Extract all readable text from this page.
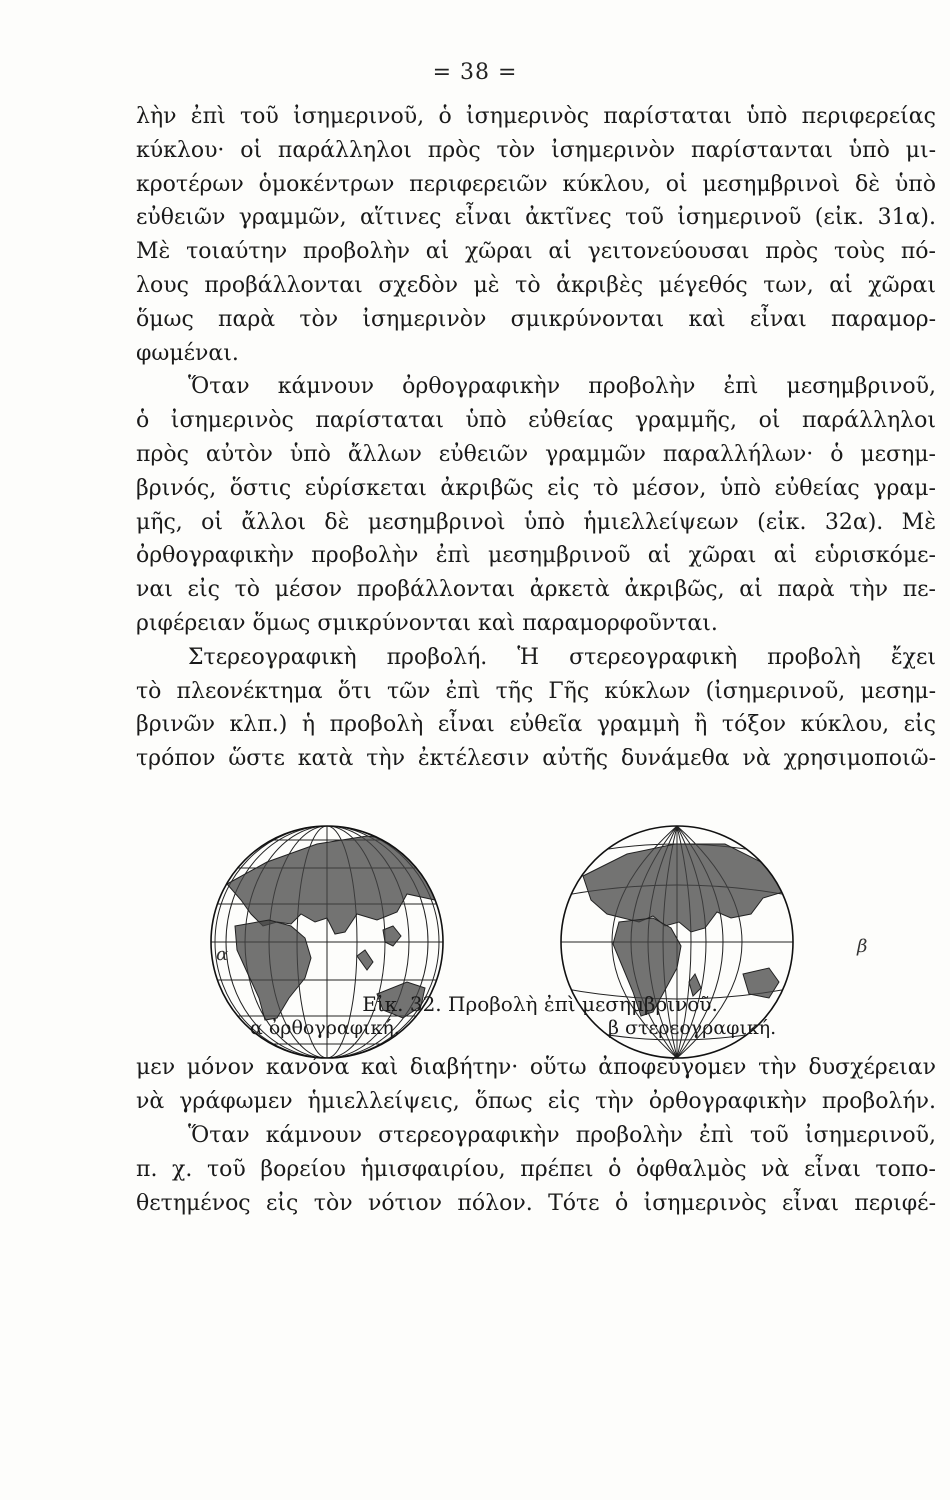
= 38 =
λὴν ἐπὶ τοῦ ἰσημερινοῦ, ὁ ἰσημερινὸς παρίσταται ὑπὸ περιφερείας
κύκλου· οἱ παράλληλοι πρὸς τὸν ἰσημερινὸν παρίστανται ὑπὸ μι-
κροτέρων ὁμοκέντρων περιφερειῶν κύκλου, οἱ μεσημβρινοὶ δὲ ὑπὸ
εὐθειῶν γραμμῶν, αἵτινες εἶναι ἀκτῖνες τοῦ ἰσημερινοῦ (εἰκ. 31α).
Μὲ τοιαύτην προβολὴν αἱ χῶραι αἱ γειτονεύουσαι πρὸς τοὺς πό-
λους προβάλλονται σχεδὸν μὲ τὸ ἀκριβὲς μέγεθός των, αἱ χῶραι
ὅμως παρὰ τὸν ἰσημερινὸν σμικρύνονται καὶ εἶναι παραμορ-
φωμέναι.
Ὅταν κάμνουν ὀρθογραφικὴν προβολὴν ἐπὶ μεσημβρινοῦ,
ὁ ἰσημερινὸς παρίσταται ὑπὸ εὐθείας γραμμῆς, οἱ παράλληλοι
πρὸς αὐτὸν ὑπὸ ἄλλων εὐθειῶν γραμμῶν παραλλήλων· ὁ μεσημ-
βρινός, ὅστις εὑρίσκεται ἀκριβῶς εἰς τὸ μέσον, ὑπὸ εὐθείας γραμ-
μῆς, οἱ ἄλλοι δὲ μεσημβρινοὶ ὑπὸ ἡμιελλείψεων (εἰκ. 32α). Μὲ
ὀρθογραφικὴν προβολὴν ἐπὶ μεσημβρινοῦ αἱ χῶραι αἱ εὑρισκόμε-
ναι εἰς τὸ μέσον προβάλλονται ἀρκετὰ ἀκριβῶς, αἱ παρὰ τὴν πε-
ριφέρειαν ὅμως σμικρύνονται καὶ παραμορφοῦνται.
Στερεογραφικὴ προβολή. Ἡ στερεογραφικὴ προβολὴ ἔχει
τὸ πλεονέκτημα ὅτι τῶν ἐπὶ τῆς Γῆς κύκλων (ἰσημερινοῦ, μεσημ-
βρινῶν κλπ.) ἡ προβολὴ εἶναι εὐθεῖα γραμμὴ ἢ τόξον κύκλου, εἰς
τρόπον ὥστε κατὰ τὴν ἐκτέλεσιν αὐτῆς δυνάμεθα νὰ χρησιμοποιῶ-
α	β
Εἰκ. 32. Προβολὴ ἐπὶ μεσημβρινοῦ.
α ὀρθογραφική.	β στερεογραφική.
μεν μόνον κανόνα καὶ διαβήτην· οὕτω ἀποφεύγομεν τὴν δυσχέρειαν
νὰ γράφωμεν ἡμιελλείψεις, ὅπως εἰς τὴν ὀρθογραφικὴν προβολήν.
Ὅταν κάμνουν στερεογραφικὴν προβολὴν ἐπὶ τοῦ ἰσημερινοῦ,
π. χ. τοῦ βορείου ἡμισφαιρίου, πρέπει ὁ ὀφθαλμὸς νὰ εἶναι τοπο-
θετημένος εἰς τὸν νότιον πόλον. Τότε ὁ ἰσημερινὸς εἶναι περιφέ-
